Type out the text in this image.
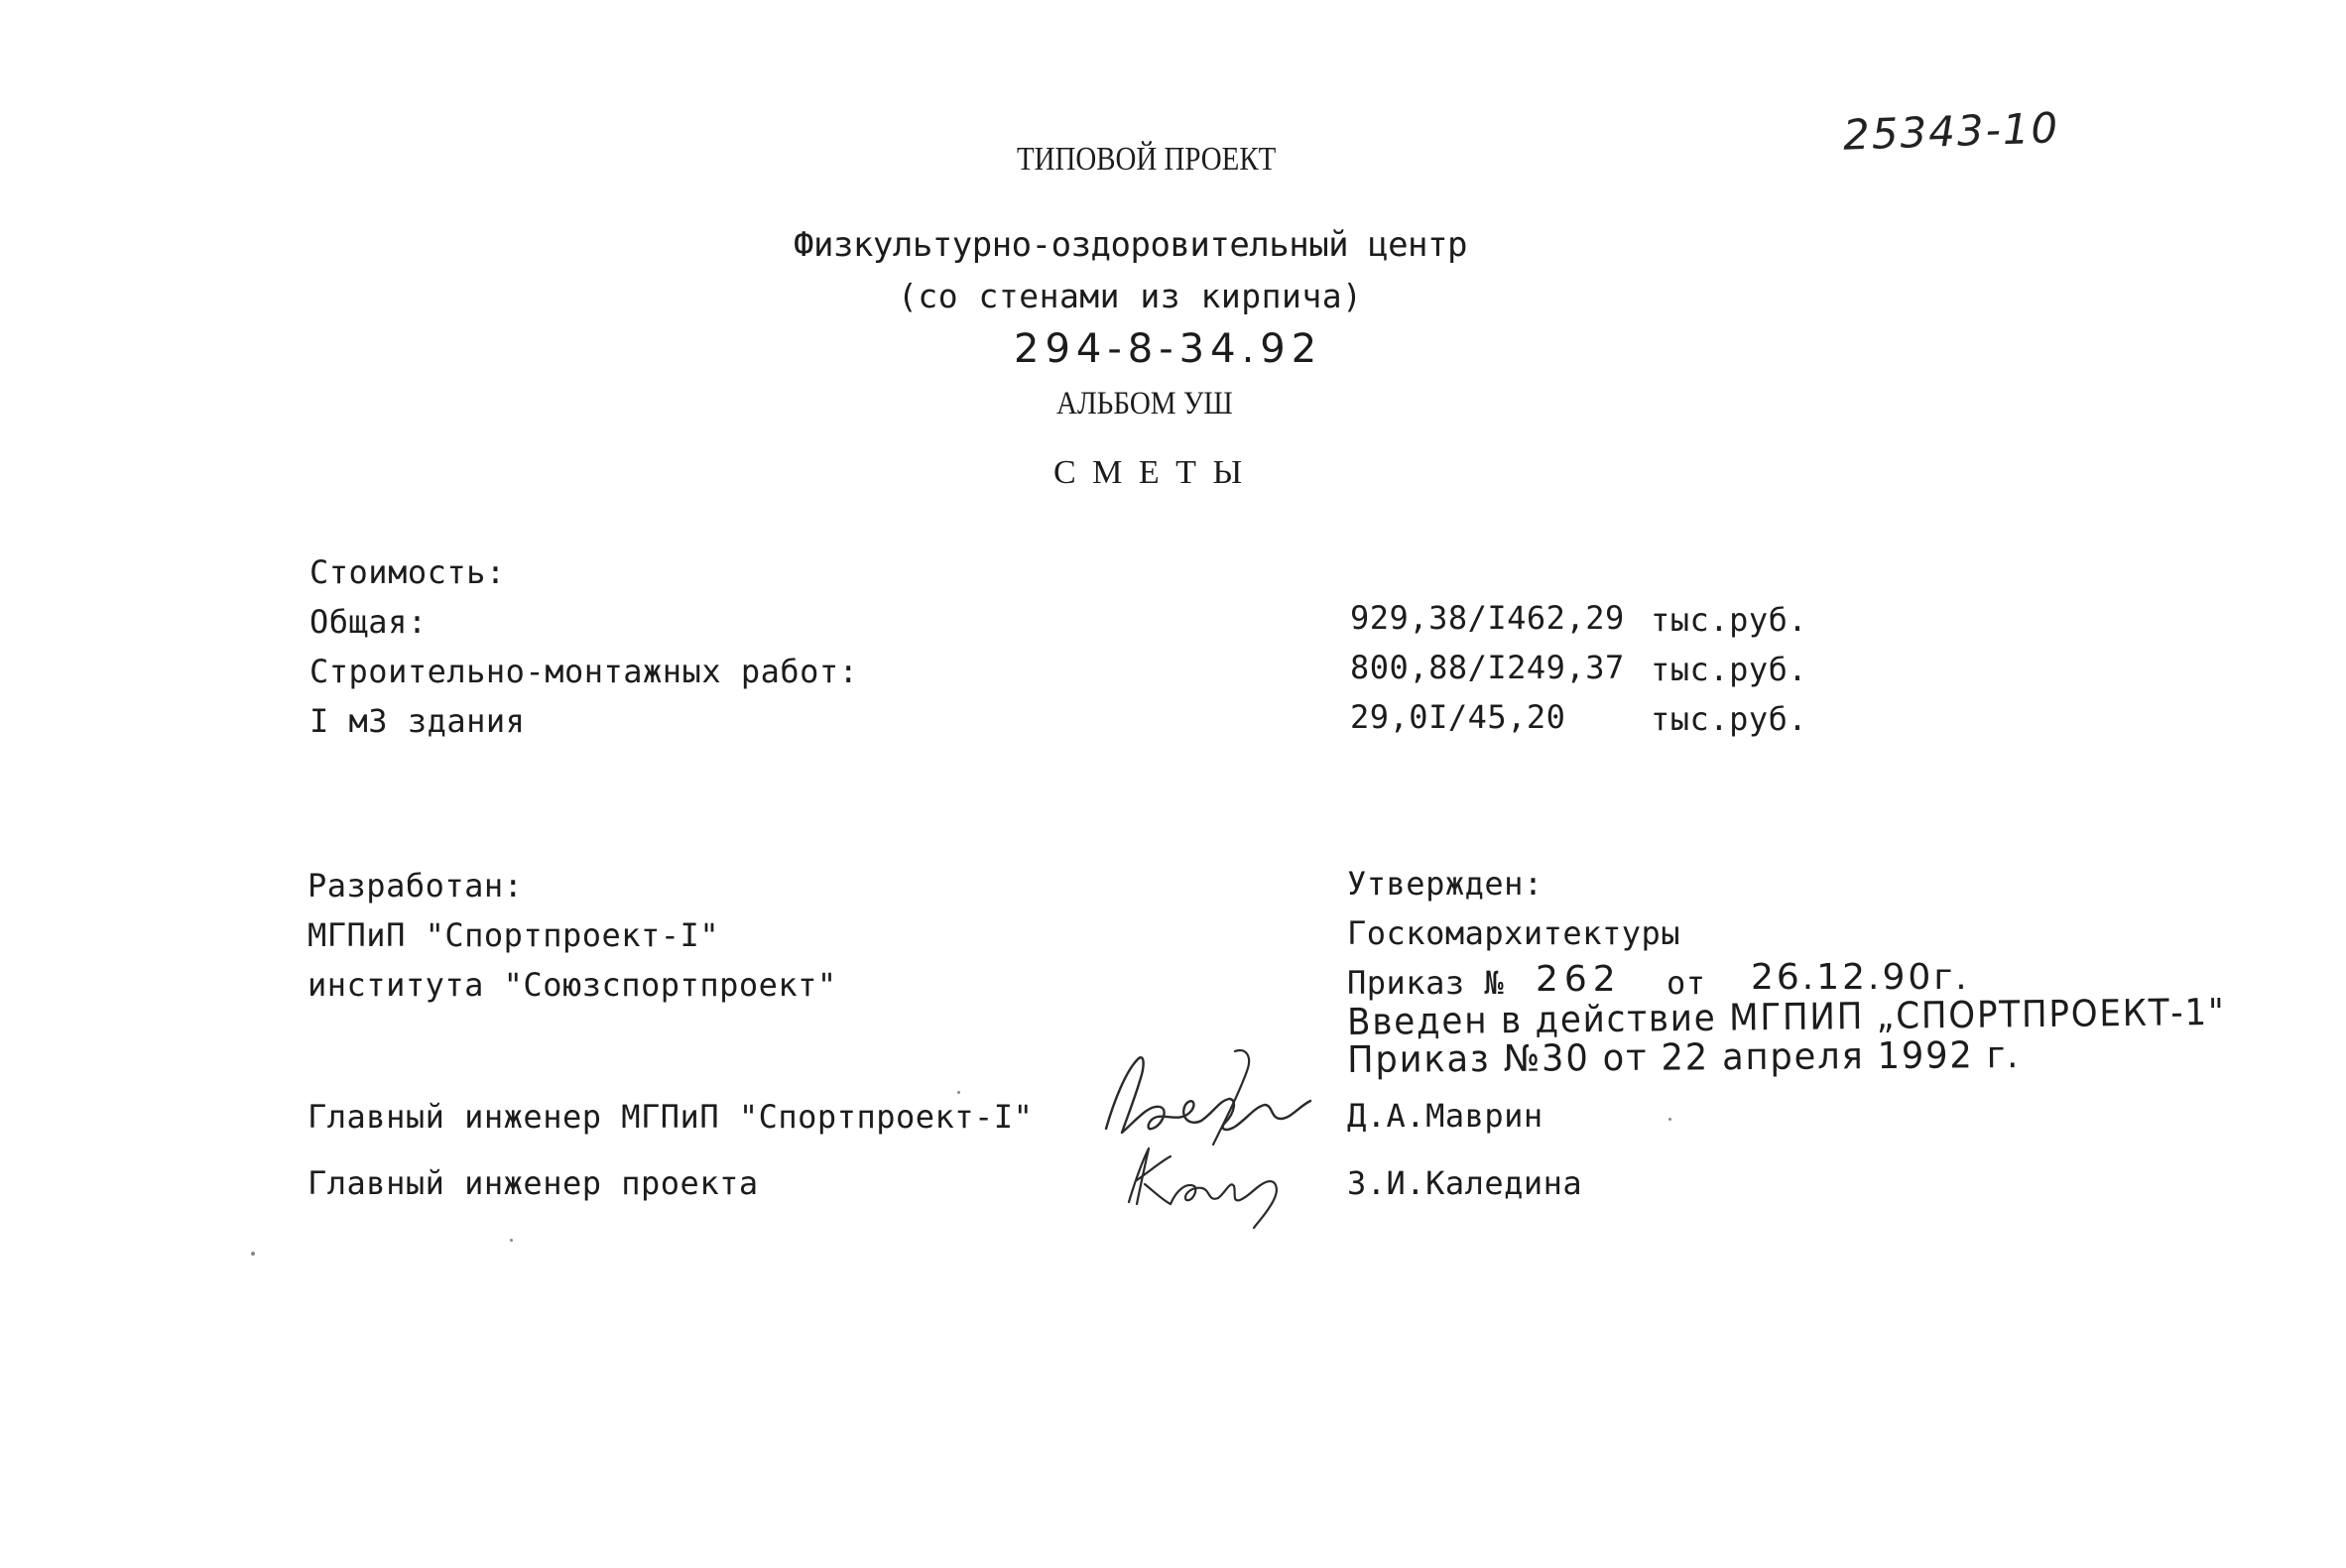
25343-10
ТИПОВОЙ ПРОЕКТ
Физкультурно-оздоровительный центр
(со стенами из кирпича)
294-8-34.92
АЛЬБОМ УШ
С М Е Т Ы
Стоимость:
Общая:	929,38/I462,29 тыс.руб.
Строительно-монтажных работ:	800,88/I249,37 тыс.руб.
I м3 здания	29,0I/45,20	тыс.руб.
Разработан:
МГПиП "Спортпроект-I"
института "Союзспортпроект"
Утвержден:
Госкомархитектуры
Приказ № 262 от 26.12.90г.
Введен в действие МГПИП „СПОРТПРОЕКТ-1"
Приказ №30 от 22 апреля 1992 г.
Главный инженер МГПиП "Спортпроект-I"	Д.А.Маврин
Главный инженер проекта	З.И.Каледина
